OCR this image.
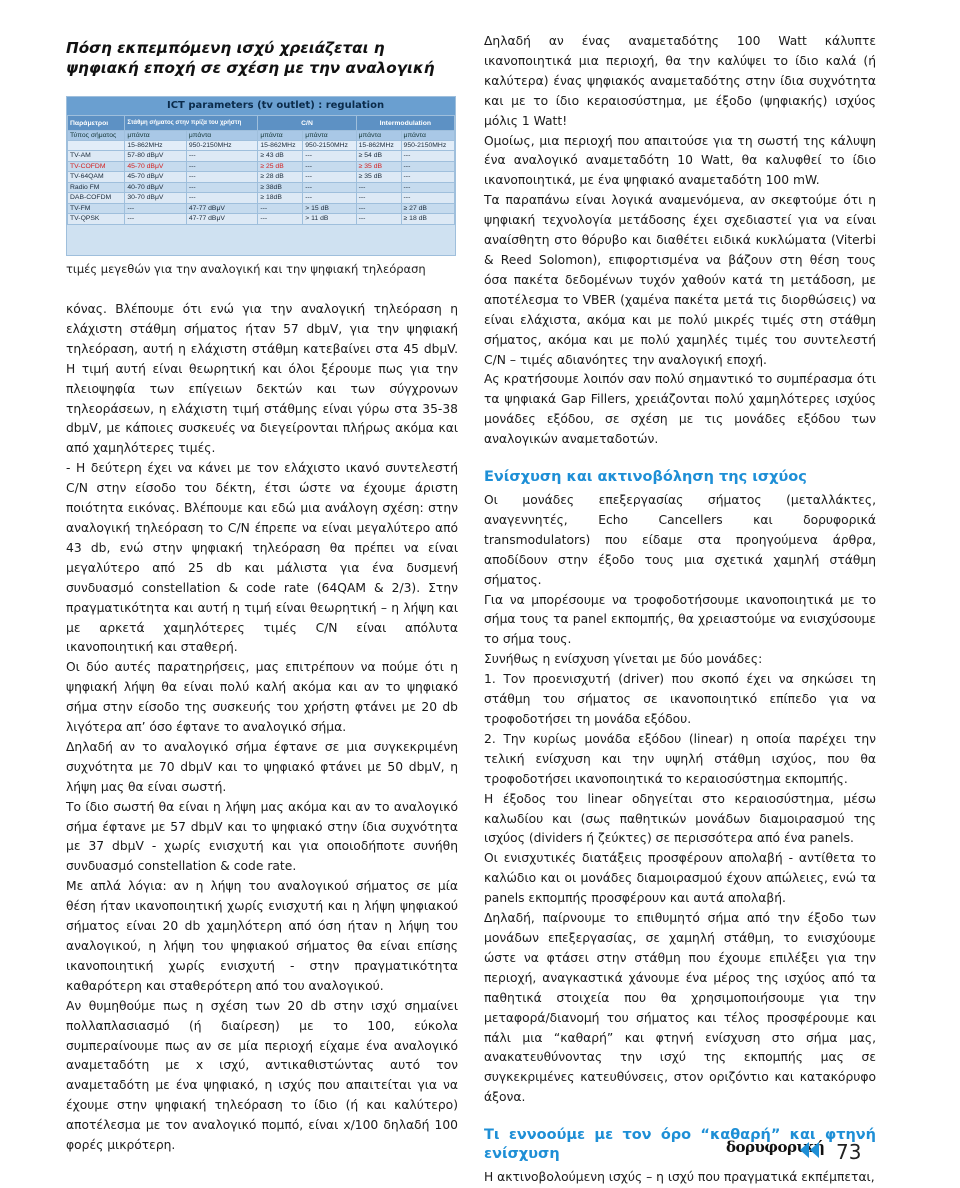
Πόση εκπεμπόμενη ισχύ χρειάζεται η ψηφιακή εποχή σε σχέση με την αναλογική
ICT parameters (tv outlet) : regulation
Παράμετροι	Στάθμη σήματος στην πρίζα του χρήστη		C/N		Intermodulation	
Τύπος σήματος	μπάντα	μπάντα	μπάντα	μπάντα	μπάντα	μπάντα
	15-862MHz	950-2150MHz	15-862MHz	950-2150MHz	15-862MHz	950-2150MHz
TV-AM	57-80 dBμV	---	≥ 43 dB	---	≥ 54 dB	---
TV-COFDM	45-70 dBμV	---	≥ 25 dB	---	≥ 35 dB	---
TV-64QAM	45-70 dBμV	---	≥ 28 dB	---	≥ 35 dB	---
Radio FM	40-70 dBμV	---	≥ 38dB	---	---	---
DAB-COFDM	30-70 dBμV	---	≥ 18dB	---	---	---
TV-FM	---	47-77 dBμV	---	> 15 dB	---	≥ 27 dB
TV-QPSK	---	47-77 dBμV	---	> 11 dB	---	≥ 18 dB
τιμές μεγεθών για την αναλογική και την ψηφιακή τηλεόραση

κόνας. Βλέπουμε ότι ενώ για την αναλογική τηλεόραση η ελάχιστη στάθμη σήματος ήταν 57 dbμV, για την ψηφιακή τηλεόραση, αυτή η ελάχιστη στάθμη κατεβαίνει στα 45 dbμV. Η τιμή αυτή είναι θεωρητική και όλοι ξέρουμε πως για την πλειοψηφία των επίγειων δεκτών και των σύγχρονων τηλεοράσεων, η ελάχιστη τιμή στάθμης είναι γύρω στα 35-38 dbμV, με κάποιες συσκευές να διεγείρονται πλήρως ακόμα και από χαμηλότερες τιμές.

- Η δεύτερη έχει να κάνει με τον ελάχιστο ικανό συντελεστή C/N στην είσοδο του δέκτη, έτσι ώστε να έχουμε άριστη ποιότητα εικόνας. Βλέπουμε και εδώ μια ανάλογη σχέση: στην αναλογική τηλεόραση το C/N έπρεπε να είναι μεγαλύτερο από 43 db, ενώ στην ψηφιακή τηλεόραση θα πρέπει να είναι μεγαλύτερο από 25 db και μάλιστα για ένα δυσμενή συνδυασμό constellation & code rate (64QAM & 2/3). Στην πραγματικότητα και αυτή η τιμή είναι θεωρητική – η λήψη και με αρκετά χαμηλότερες τιμές C/N είναι απόλυτα ικανοποιητική και σταθερή.

Οι δύο αυτές παρατηρήσεις, μας επιτρέπουν να πούμε ότι η ψηφιακή λήψη θα είναι πολύ καλή ακόμα και αν το ψηφιακό σήμα στην είσοδο της συσκευής του χρήστη φτάνει με 20 db λιγότερα απ’ όσο έφτανε το αναλογικό σήμα.

Δηλαδή αν το αναλογικό σήμα έφτανε σε μια συγκεκριμένη συχνότητα με 70 dbμV και το ψηφιακό φτάνει με 50 dbμV, η λήψη μας θα είναι σωστή.

Το ίδιο σωστή θα είναι η λήψη μας ακόμα και αν το αναλογικό σήμα έφτανε με 57 dbμV και το ψηφιακό στην ίδια συχνότητα με 37 dbμV - χωρίς ενισχυτή και για οποιοδήποτε συνήθη συνδυασμό constellation & code rate.

Με απλά λόγια: αν η λήψη του αναλογικού σήματος σε μία θέση ήταν ικανοποιητική χωρίς ενισχυτή και η λήψη ψηφιακού σήματος είναι 20 db χαμηλότερη από όση ήταν η λήψη του αναλογικού, η λήψη του ψηφιακού σήματος θα είναι επίσης ικανοποιητική χωρίς ενισχυτή - στην πραγματικότητα καθαρότερη και σταθερότερη από του αναλογικού.

Αν θυμηθούμε πως η σχέση των 20 db στην ισχύ σημαίνει πολλαπλασιασμό (ή διαίρεση) με το 100, εύκολα συμπεραίνουμε πως αν σε μία περιοχή είχαμε ένα αναλογικό αναμεταδότη με x ισχύ, αντικαθιστώντας αυτό τον αναμεταδότη με ένα ψηφιακό, η ισχύς που απαιτείται για να έχουμε στην ψηφιακή τηλεόραση το ίδιο (ή και καλύτερο) αποτέλεσμα με τον αναλογικό πομπό, είναι x/100 δηλαδή 100 φορές μικρότερη.

Δηλαδή αν ένας αναμεταδότης 100 Watt κάλυπτε ικανοποιητικά μια περιοχή, θα την καλύψει το ίδιο καλά (ή καλύτερα) ένας ψηφιακός αναμεταδότης στην ίδια συχνότητα και με το ίδιο κεραιοσύστημα, με έξοδο (ψηφιακής) ισχύος μόλις 1 Watt!

Ομοίως, μια περιοχή που απαιτούσε για τη σωστή της κάλυψη ένα αναλογικό αναμεταδότη 10 Watt, θα καλυφθεί το ίδιο ικανοποιητικά, με ένα ψηφιακό αναμεταδότη 100 mW.

Τα παραπάνω είναι λογικά αναμενόμενα, αν σκεφτούμε ότι η ψηφιακή τεχνολογία μετάδοσης έχει σχεδιαστεί για να είναι αναίσθητη στο θόρυβο και διαθέτει ειδικά κυκλώματα (Viterbi & Reed Solomon), επιφορτισμένα να βάζουν στη θέση τους όσα πακέτα δεδομένων τυχόν χαθούν κατά τη μετάδοση, με αποτέλεσμα το VBER (χαμένα πακέτα μετά τις διορθώσεις) να είναι ελάχιστα, ακόμα και με πολύ μικρές τιμές στη στάθμη σήματος, ακόμα και με πολύ χαμηλές τιμές του συντελεστή C/N – τιμές αδιανόητες την αναλογική εποχή.

Ας κρατήσουμε λοιπόν σαν πολύ σημαντικό το συμπέρασμα ότι τα ψηφιακά Gap Fillers, χρειάζονται πολύ χαμηλότερες ισχύος μονάδες εξόδου, σε σχέση με τις μονάδες εξόδου των αναλογικών αναμεταδοτών.

Ενίσχυση και ακτινοβόληση της ισχύος

Οι μονάδες επεξεργασίας σήματος (μεταλλάκτες, αναγεννητές, Echo Cancellers και δορυφορικά transmodulators) που είδαμε στα προηγούμενα άρθρα, αποδίδουν στην έξοδο τους μια σχετικά χαμηλή στάθμη σήματος.

Για να μπορέσουμε να τροφοδοτήσουμε ικανοποιητικά με το σήμα τους τα panel εκπομπής, θα χρειαστούμε να ενισχύσουμε το σήμα τους.

Συνήθως η ενίσχυση γίνεται με δύο μονάδες:

1. Τον προενισχυτή (driver) που σκοπό έχει να σηκώσει τη στάθμη του σήματος σε ικανοποιητικό επίπεδο για να τροφοδοτήσει τη μονάδα εξόδου.

2. Την κυρίως μονάδα εξόδου (linear) η οποία παρέχει την τελική ενίσχυση και την υψηλή στάθμη ισχύος, που θα τροφοδοτήσει ικανοποιητικά το κεραιοσύστημα εκπομπής.

Η έξοδος του linear οδηγείται στο κεραιοσύστημα, μέσω καλωδίου και (σως παθητικών μονάδων διαμοιρασμού της ισχύος (dividers ή ζεύκτες) σε περισσότερα από ένα panels.

Οι ενισχυτικές διατάξεις προσφέρουν απολαβή - αντίθετα το καλώδιο και οι μονάδες διαμοιρασμού έχουν απώλειες, ενώ τα panels εκπομπής προσφέρουν και αυτά απολαβή.

Δηλαδή, παίρνουμε το επιθυμητό σήμα από την έξοδο των μονάδων επεξεργασίας, σε χαμηλή στάθμη, το ενισχύουμε ώστε να φτάσει στην στάθμη που έχουμε επιλέξει για την περιοχή, αναγκαστικά χάνουμε ένα μέρος της ισχύος από τα παθητικά στοιχεία που θα χρησιμοποιήσουμε για την μεταφορά/διανομή του σήματος και τέλος προσφέρουμε και πάλι μια “καθαρή” και φτηνή ενίσχυση στο σήμα μας, ανακατευθύνοντας την ισχύ της εκπομπής μας σε συγκεκριμένες κατευθύνσεις, στον οριζόντιο και κατακόρυφο άξονα.

Τι εννοούμε με τον όρο “καθαρή” και φτηνή ενίσχυση

Η ακτινοβολούμενη ισχύς – η ισχύ που πραγματικά εκπέμπεται,

δορυφορική 73
